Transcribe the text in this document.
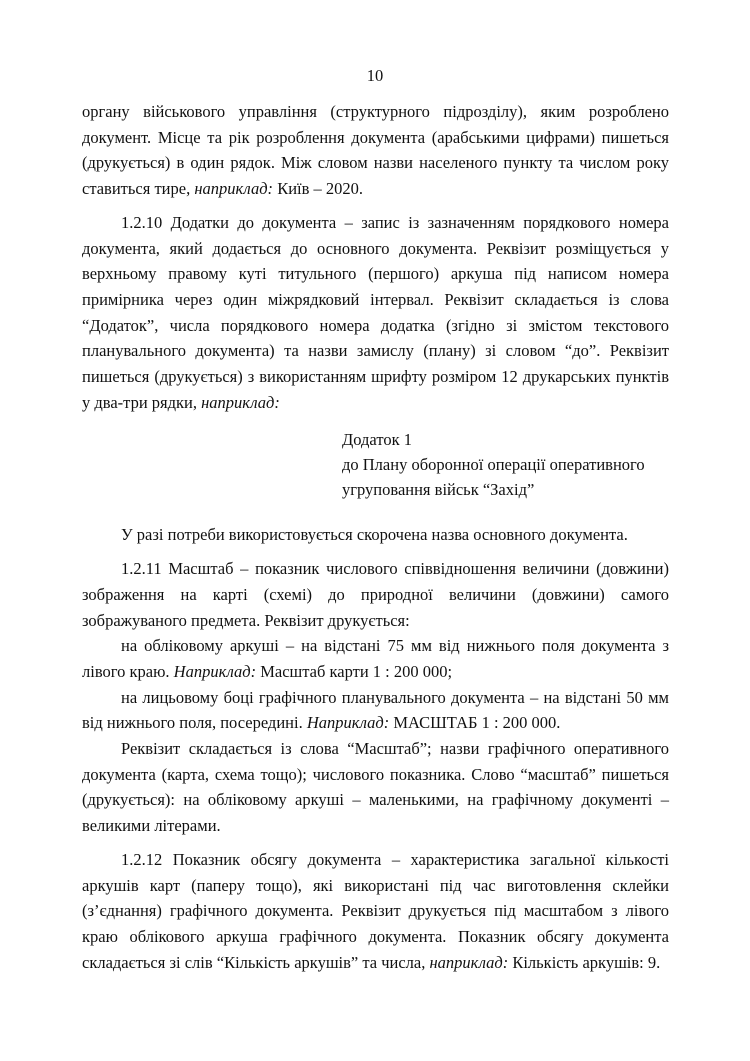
10

органу військового управління (структурного підрозділу), яким розроблено документ. Місце та рік розроблення документа (арабськими цифрами) пишеться (друкується) в один рядок. Між словом назви населеного пункту та числом року ставиться тире, наприклад: Київ – 2020.

1.2.10 Додатки до документа – запис із зазначенням порядкового номера документа, який додається до основного документа. Реквізит розміщується у верхньому правому куті титульного (першого) аркуша під написом номера примірника через один міжрядковий інтервал. Реквізит складається із слова “Додаток”, числа порядкового номера додатка (згідно зі змістом текстового планувального документа) та назви замислу (плану) зі словом “до”. Реквізит пишеться (друкується) з використанням шрифту розміром 12 друкарських пунктів у два-три рядки, наприклад:

Додаток 1
до Плану оборонної операції оперативного
угруповання військ “Захід”

У разі потреби використовується скорочена назва основного документа.

1.2.11 Масштаб – показник числового співвідношення величини (довжини) зображення на карті (схемі) до природної величини (довжини) самого зображуваного предмета. Реквізит друкується:

на обліковому аркуші – на відстані 75 мм від нижнього поля документа з лівого краю. Наприклад: Масштаб карти 1 : 200 000;

на лицьовому боці графічного планувального документа – на відстані 50 мм від нижнього поля, посередині. Наприклад: МАСШТАБ 1 : 200 000.

Реквізит складається із слова “Масштаб”; назви графічного оперативного документа (карта, схема тощо); числового показника. Слово “масштаб” пишеться (друкується): на обліковому аркуші – маленькими, на графічному документі – великими літерами.

1.2.12 Показник обсягу документа – характеристика загальної кількості аркушів карт (паперу тощо), які використані під час виготовлення склейки (з’єднання) графічного документа. Реквізит друкується під масштабом з лівого краю облікового аркуша графічного документа. Показник обсягу документа складається зі слів “Кількість аркушів” та числа, наприклад: Кількість аркушів: 9.
